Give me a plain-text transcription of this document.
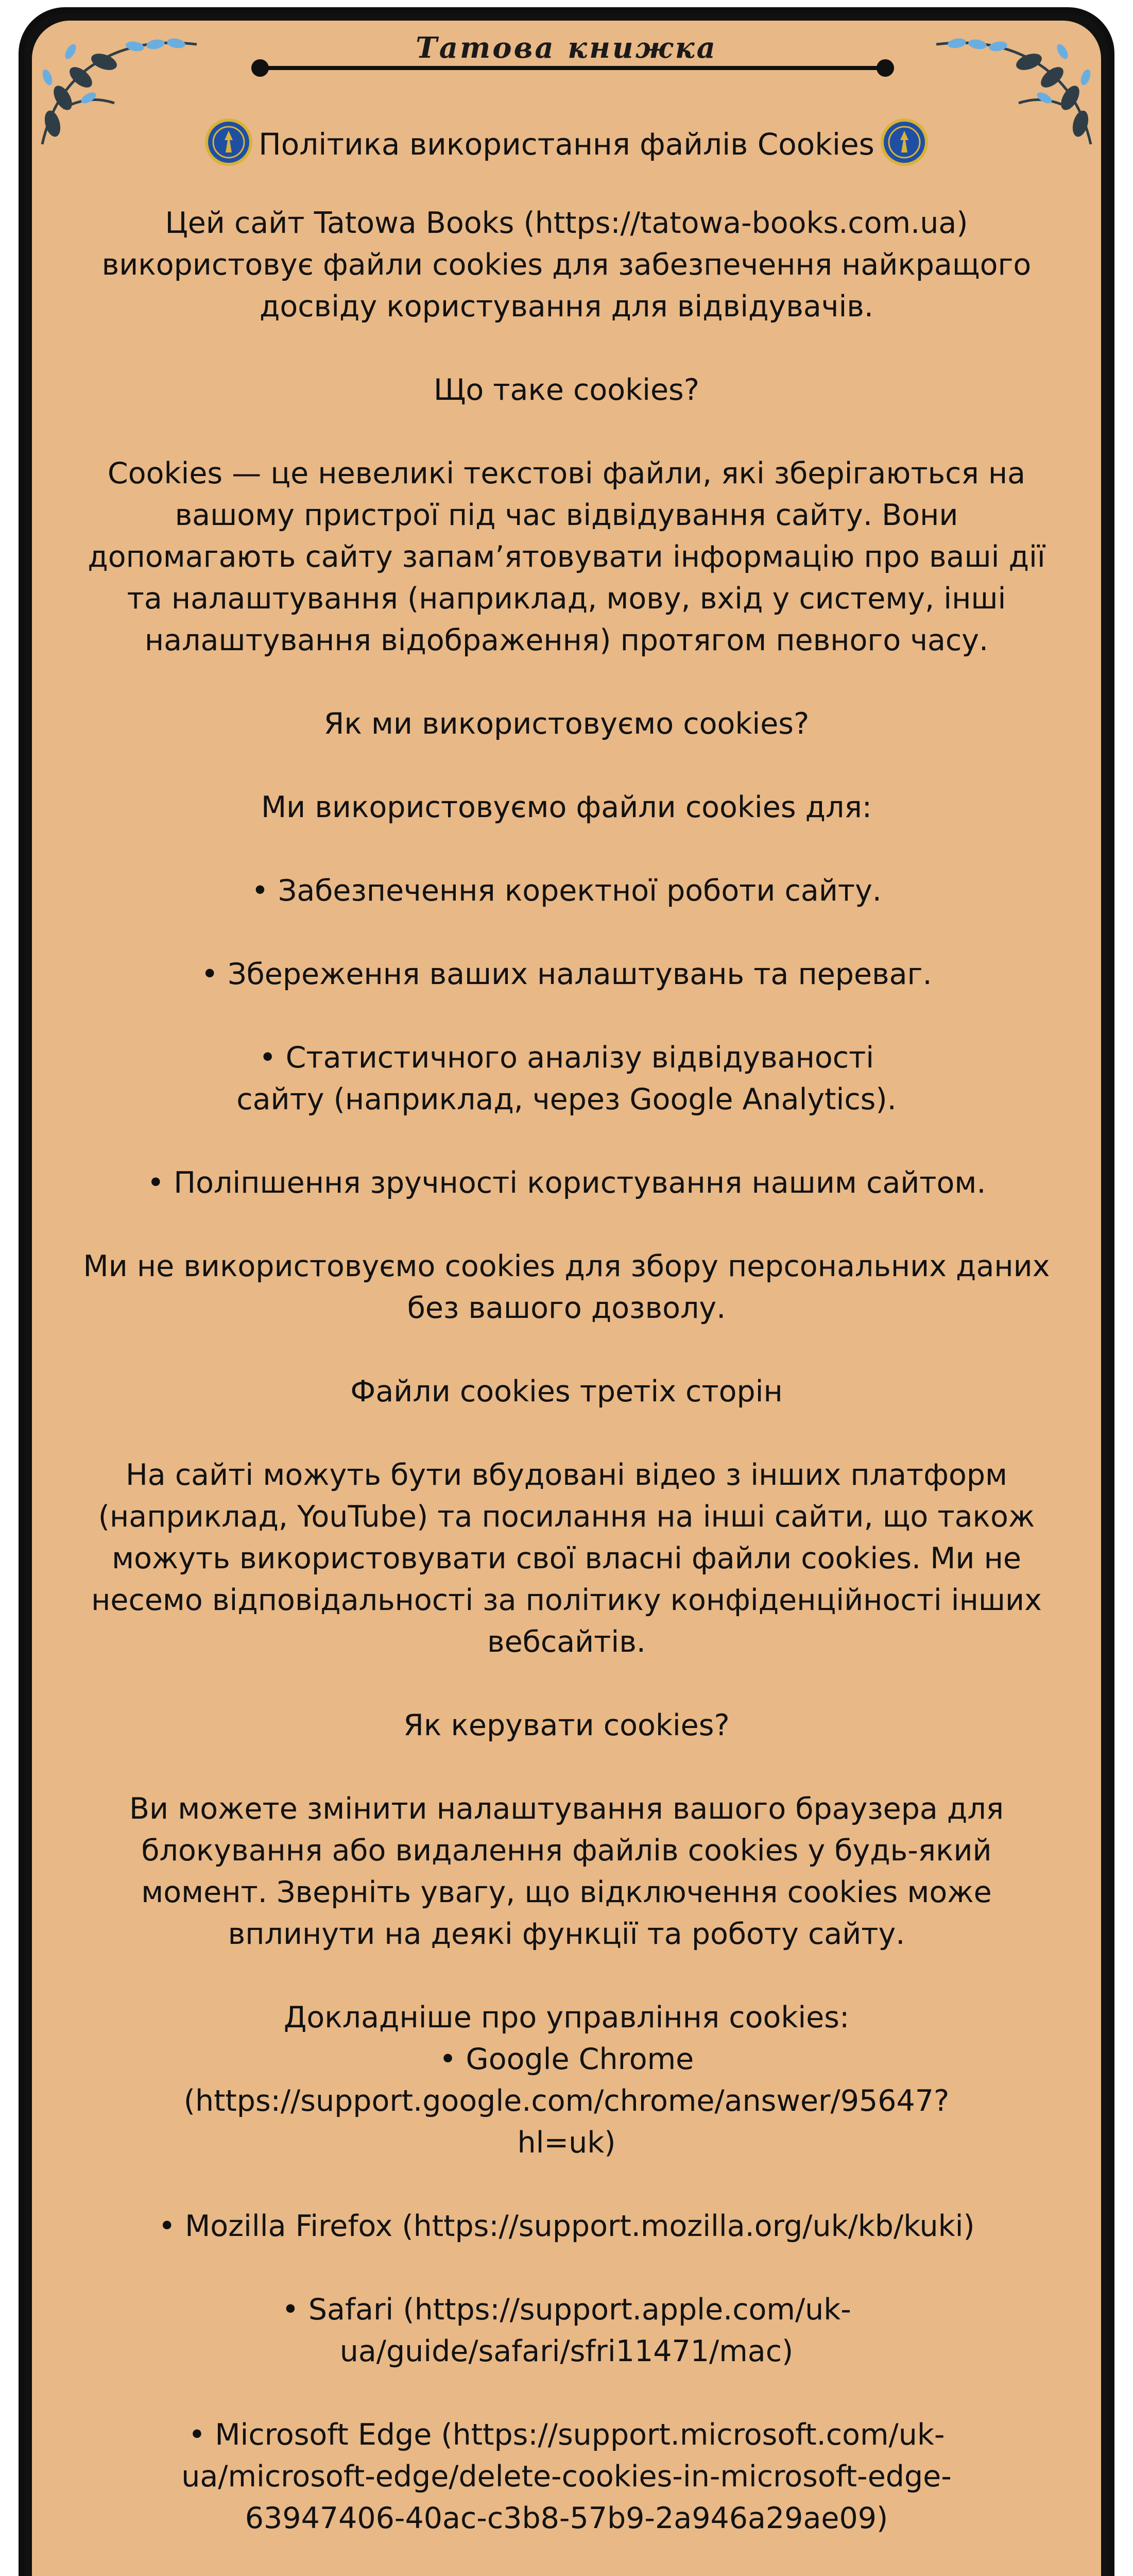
Татова книжка

Політика використання файлів Cookies

Цей сайт Tatowa Books (https://tatowa-books.com.ua) використовує файли cookies для забезпечення найкращого досвіду користування для відвідувачів.

Що таке cookies?

Cookies — це невеликі текстові файли, які зберігаються на вашому пристрої під час відвідування сайту. Вони допомагають сайту запам’ятовувати інформацію про ваші дії та налаштування (наприклад, мову, вхід у систему, інші налаштування відображення) протягом певного часу.

Як ми використовуємо cookies?

Ми використовуємо файли cookies для:

• Забезпечення коректної роботи сайту.

• Збереження ваших налаштувань та переваг.

• Статистичного аналізу відвідуваності сайту (наприклад, через Google Analytics).

• Поліпшення зручності користування нашим сайтом.

Ми не використовуємо cookies для збору персональних даних без вашого дозволу.

Файли cookies третіх сторін

На сайті можуть бути вбудовані відео з інших платформ (наприклад, YouTube) та посилання на інші сайти, що також можуть використовувати свої власні файли cookies. Ми не несемо відповідальності за політику конфіденційності інших вебсайтів.

Як керувати cookies?

Ви можете змінити налаштування вашого браузера для блокування або видалення файлів cookies у будь-який момент. Зверніть увагу, що відключення cookies може вплинути на деякі функції та роботу сайту.

Докладніше про управління cookies:

• Google Chrome (https://support.google.com/chrome/answer/95647?hl=uk)

• Mozilla Firefox (https://support.mozilla.org/uk/kb/kuki)

• Safari (https://support.apple.com/uk-ua/guide/safari/sfri11471/mac)

• Microsoft Edge (https://support.microsoft.com/uk-ua/microsoft-edge/delete-cookies-in-microsoft-edge-63947406-40ac-c3b8-57b9-2a946a29ae09)
